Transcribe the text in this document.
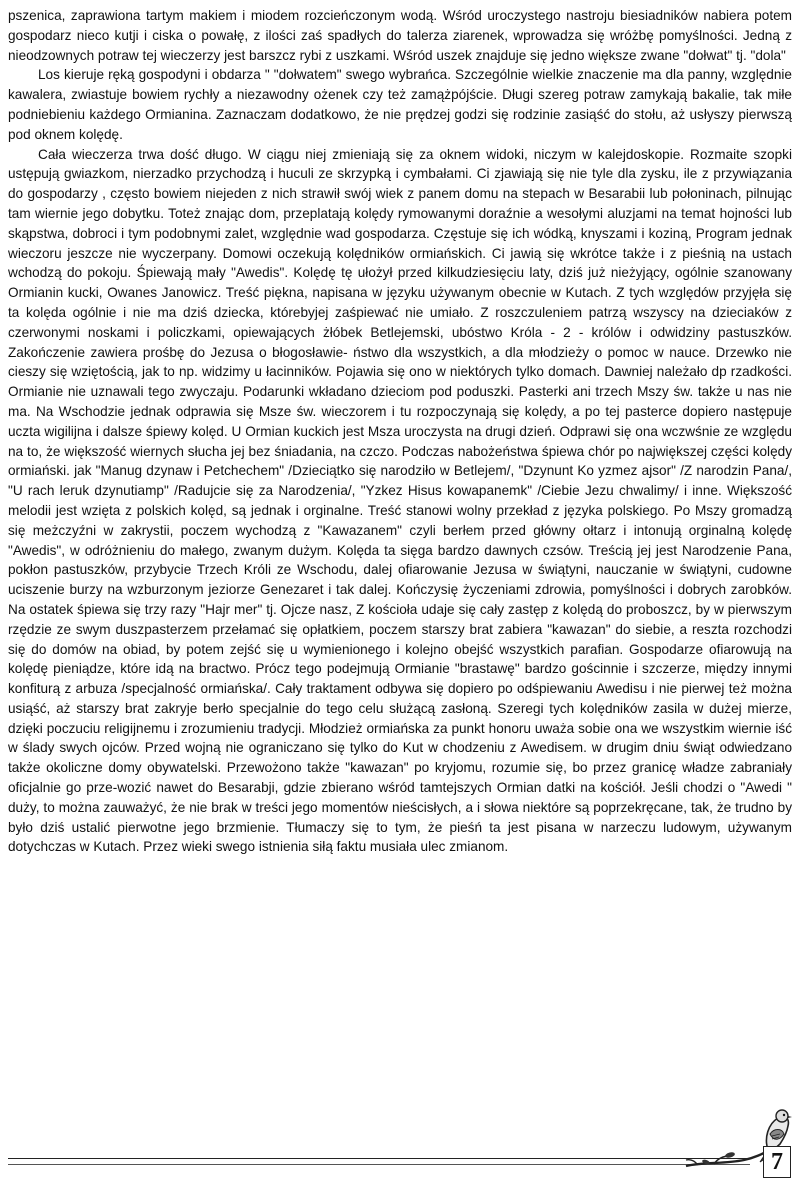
pszenica, zaprawiona tartym makiem i miodem rozcieńczonym wodą. Wśród uroczystego nastroju biesiadników nabiera potem gospodarz nieco kutji i ciska o powałę, z ilości zaś spadłych do talerza ziarenek, wprowadza się wróżbę pomyślności. Jedną z nieodzownych potraw tej wieczerzy jest barszcz rybi z uszkami. Wśród uszek znajduje się jedno większe zwane "dołwat" tj. "dola"

Los kieruje ręką gospodyni i obdarza " "dołwatem" swego wybrańca. Szczególnie wielkie znaczenie ma dla panny, względnie kawalera, zwiastuje bowiem rychły a niezawodny ożenek czy też zamążpójście. Długi szereg potraw zamykają bakalie, tak miłe podniebieniu każdego Ormianina. Zaznaczam dodatkowo, że nie prędzej godzi się rodzinie zasiąść do stołu, aż usłyszy pierwszą pod oknem kolędę.

Cała wieczerza trwa dość długo. W ciągu niej zmieniają się za oknem widoki, niczym w kalejdoskopie. Rozmaite szopki ustępują gwiazkom, nierzadko przychodzą i huculi ze skrzypką i cymbałami. Ci zjawiają się nie tyle dla zysku, ile z przywiązania do gospodarzy , często bowiem niejeden z nich strawił swój wiek z panem domu na stepach w Besarabii lub połoninach, pilnując tam wiernie jego dobytku. Toteż znając dom, przeplatają kolędy rymowanymi doraźnie a wesołymi aluzjami na temat hojności lub skąpstwa, dobroci i tym podobnymi zalet, względnie wad gospodarza. Częstuje się ich wódką, knyszami i koziną, Program jednak wieczoru jeszcze nie wyczerpany. Domowi oczekują kolędników ormiańskich. Ci jawią się wkrótce także i z pieśnią na ustach wchodzą do pokoju. Śpiewają mały "Awedis". Kolędę tę ułożył przed kilkudziesięciu laty, dziś już nieżyjący, ogólnie szanowany Ormianin kucki, Owanes Janowicz. Treść piękna, napisana w języku używanym obecnie w Kutach. Z tych względów przyjęła się ta kolęda ogólnie i nie ma dziś dziecka, którebyjej zaśpiewać nie umiało. Z roszczuleniem patrzą wszyscy na dzieciaków z czerwonymi noskami i policzkami, opiewających żłóbek Betlejemski, ubóstwo Króla - 2 - królów i odwidziny pastuszków. Zakończenie zawiera prośbę do Jezusa o błogosławie- ństwo dla wszystkich, a dla młodzieży o pomoc w nauce. Drzewko nie cieszy się wziętością, jak to np. widzimy u łacinników. Pojawia się ono w niektórych tylko domach. Dawniej należało dp rzadkości. Ormianie nie uznawali tego zwyczaju. Podarunki wkładano dzieciom pod poduszki. Pasterki ani trzech Mszy św. także u nas nie ma. Na Wschodzie jednak odprawia się Msze św. wieczorem i tu rozpoczynają się kolędy, a po tej pasterce dopiero następuje uczta wigilijna i dalsze śpiewy kolęd. U Ormian kuckich jest Msza uroczysta na drugi dzień. Odprawi się ona wczwśnie ze względu na to, że większość wiernych słucha jej bez śniadania, na czczo. Podczas nabożeństwa śpiewa chór po największej części kolędy ormiański. jak "Manug dzynaw i Petchechem" /Dzieciątko się narodziło w Betlejem/, "Dzynunt Ko yzmez ajsor" /Z narodzin Pana/, "U rach leruk dzynutiamp" /Radujcie się za Narodzenia/, "Yzkez Hisus kowapanemk" /Ciebie Jezu chwalimy/ i inne. Większość melodii jest wzięta z polskich kolęd, są jednak i orginalne. Treść stanowi wolny przekład z języka polskiego. Po Mszy gromadzą się meżczyźni w zakrystii, poczem wychodzą z "Kawazanem" czyli berłem przed główny ołtarz i intonują orginalną kolędę "Awedis", w odróżnieniu do małego, zwanym dużym. Kolęda ta sięga bardzo dawnych czsów. Treścią jej jest Narodzenie Pana, pokłon pastuszków, przybycie Trzech Króli ze Wschodu, dalej ofiarowanie Jezusa w świątyni, nauczanie w świątyni, cudowne uciszenie burzy na wzburzonym jeziorze Genezaret i tak dalej. Kończysię życzeniami zdrowia, pomyślności i dobrych zarobków. Na ostatek śpiewa się trzy razy "Hajr mer" tj. Ojcze nasz, Z kościoła udaje się cały zastęp z kolędą do proboszcz, by w pierwszym rzędzie ze swym duszpasterzem przełamać się opłatkiem, poczem starszy brat zabiera "kawazan" do siebie, a reszta rozchodzi się do domów na obiad, by potem zejść się u wymienionego i kolejno obejść wszystkich parafian. Gospodarze ofiarowują na kolędę pieniądze, które idą na bractwo. Prócz tego podejmują Ormianie "brastawę" bardzo gościnnie i szczerze, między innymi konfiturą z arbuza /specjalność ormiańska/. Cały traktament odbywa się dopiero po odśpiewaniu Awedisu i nie pierwej też można usiąść, aż starszy brat zakryje berło specjalnie do tego celu służącą zasłoną. Szeregi tych kolędników zasila w dużej mierze, dzięki poczuciu religijnemu i zrozumieniu tradycji. Młodzież ormiańska za punkt honoru uważa sobie ona we wszystkim wiernie iść w ślady swych ojców. Przed wojną nie ograniczano się tylko do Kut w chodzeniu z Awedisem. w drugim dniu świąt odwiedzano także okoliczne domy obywatelski. Przewożono także "kawazan" po kryjomu, rozumie się, bo przez granicę władze zabraniały oficjalnie go prze-wozić nawet do Besarabji, gdzie zbierano wśród tamtejszych Ormian datki na kościół. Jeśli chodzi o "Awedi " duży, to można zauważyć, że nie brak w treści jego momentów nieścisłych, a i słowa niektóre są poprzekręcane, tak, że trudno by było dziś ustalić pierwotne jego brzmienie. Tłumaczy się to tym, że pieśń ta jest pisana w narzeczu ludowym, używanym dotychczas w Kutach. Przez wieki swego istnienia siłą faktu musiała ulec zmianom.

7
